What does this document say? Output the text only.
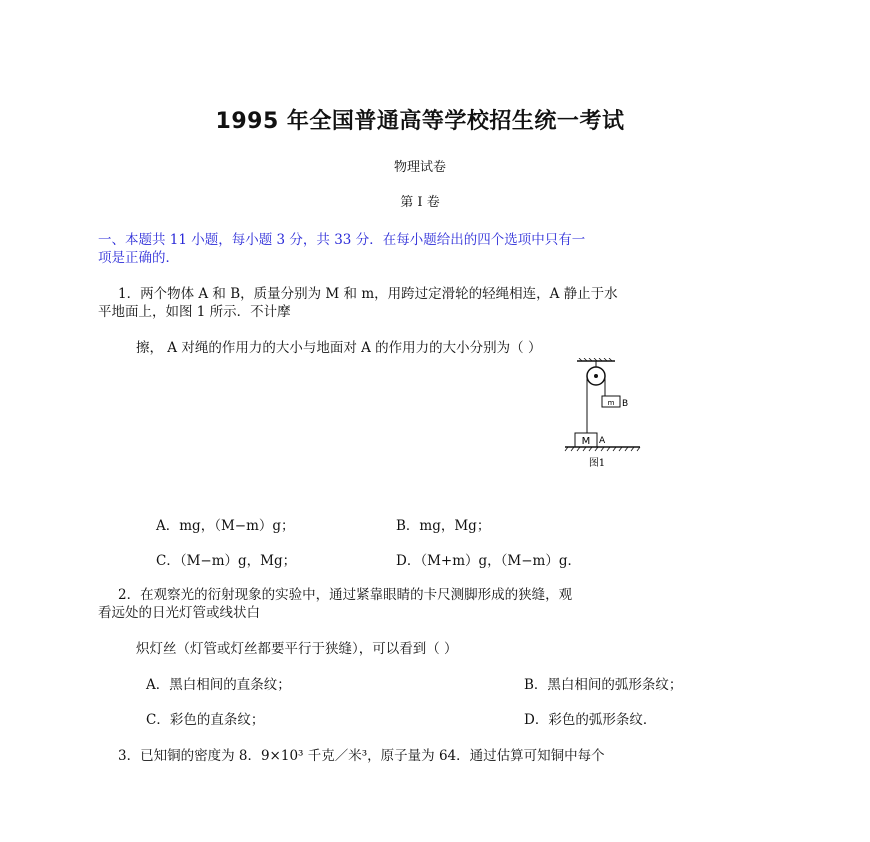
1995 年全国普通高等学校招生统一考试
物理试卷
第 I 卷
一、本题共 11 小题，每小题 3 分，共 33 分．在每小题给出的四个选项中只有一
项是正确的．
1．两个物体 A 和 B，质量分别为 M 和 m，用跨过定滑轮的轻绳相连，A 静止于水
平地面上，如图 1 所示．不计摩
擦， A 对绳的作用力的大小与地面对 A 的作用力的大小分别为（ ）
m B
M A
图1
A．mg，（M−m）g；	B．mg，Mg；
C．（M−m）g，Mg；	D．（M+m）g，（M−m）g．
2．在观察光的衍射现象的实验中，通过紧靠眼睛的卡尺测脚形成的狭缝，观
看远处的日光灯管或线状白
炽灯丝（灯管或灯丝都要平行于狭缝），可以看到（ ）
A．黑白相间的直条纹；	B．黑白相间的弧形条纹；
C．彩色的直条纹；	D．彩色的弧形条纹．
3．已知铜的密度为 8．9×10³ 千克／米³，原子量为 64．通过估算可知铜中每个
